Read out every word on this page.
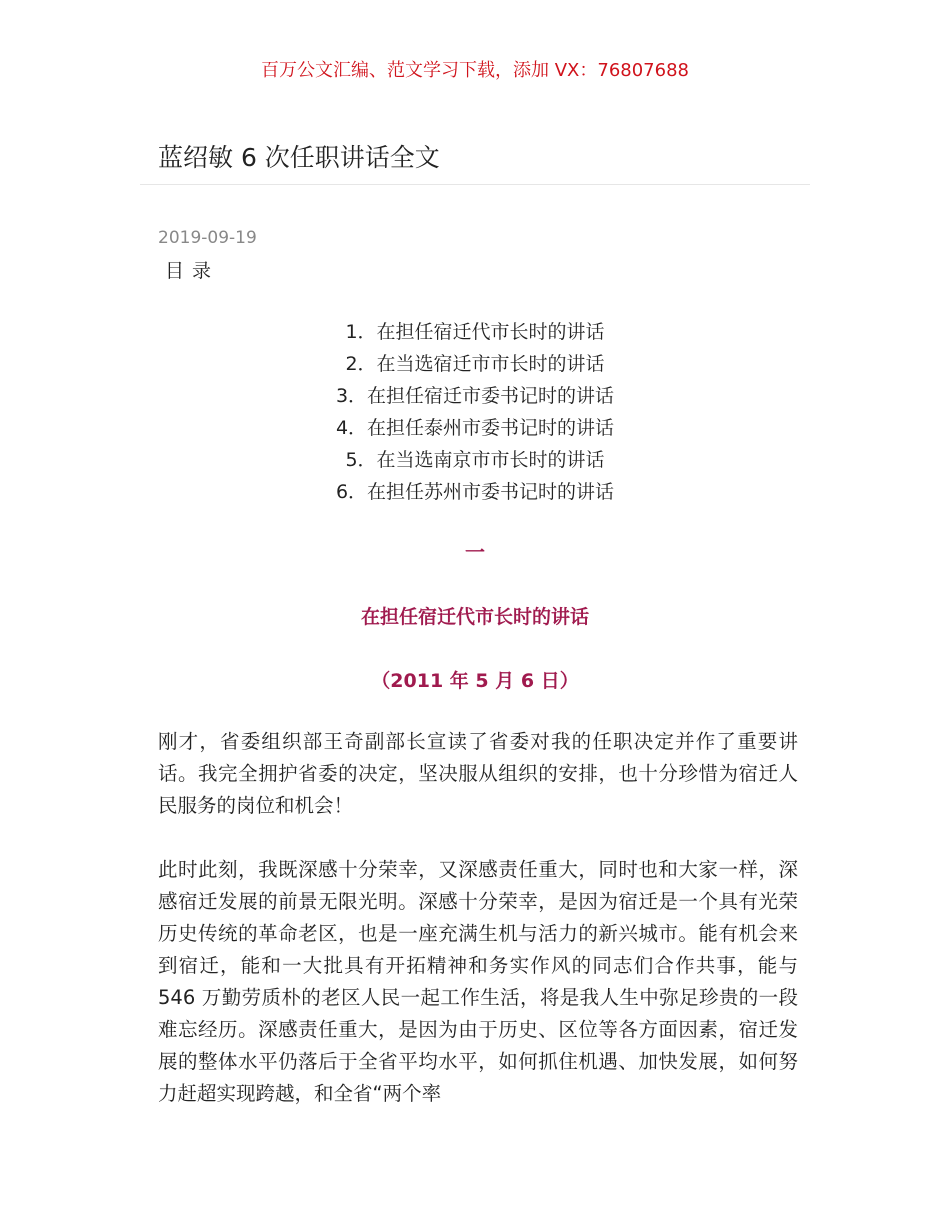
百万公文汇编、范文学习下载，添加 VX：76807688
蓝绍敏 6 次任职讲话全文
2019-09-19
目 录
1．在担任宿迁代市长时的讲话
2．在当选宿迁市市长时的讲话
3．在担任宿迁市委书记时的讲话
4．在担任泰州市委书记时的讲话
5．在当选南京市市长时的讲话
6．在担任苏州市委书记时的讲话
一
在担任宿迁代市长时的讲话
（2011 年 5 月 6 日）

刚才，省委组织部王奇副部长宣读了省委对我的任职决定并作了重要讲话。我完全拥护省委的决定，坚决服从组织的安排，也十分珍惜为宿迁人民服务的岗位和机会！

此时此刻，我既深感十分荣幸，又深感责任重大，同时也和大家一样，深感宿迁发展的前景无限光明。深感十分荣幸，是因为宿迁是一个具有光荣历史传统的革命老区，也是一座充满生机与活力的新兴城市。能有机会来到宿迁，能和一大批具有开拓精神和务实作风的同志们合作共事，能与 546 万勤劳质朴的老区人民一起工作生活，将是我人生中弥足珍贵的一段难忘经历。深感责任重大，是因为由于历史、区位等各方面因素，宿迁发展的整体水平仍落后于全省平均水平，如何抓住机遇、加快发展，如何努力赶超实现跨越，和全省“两个率
